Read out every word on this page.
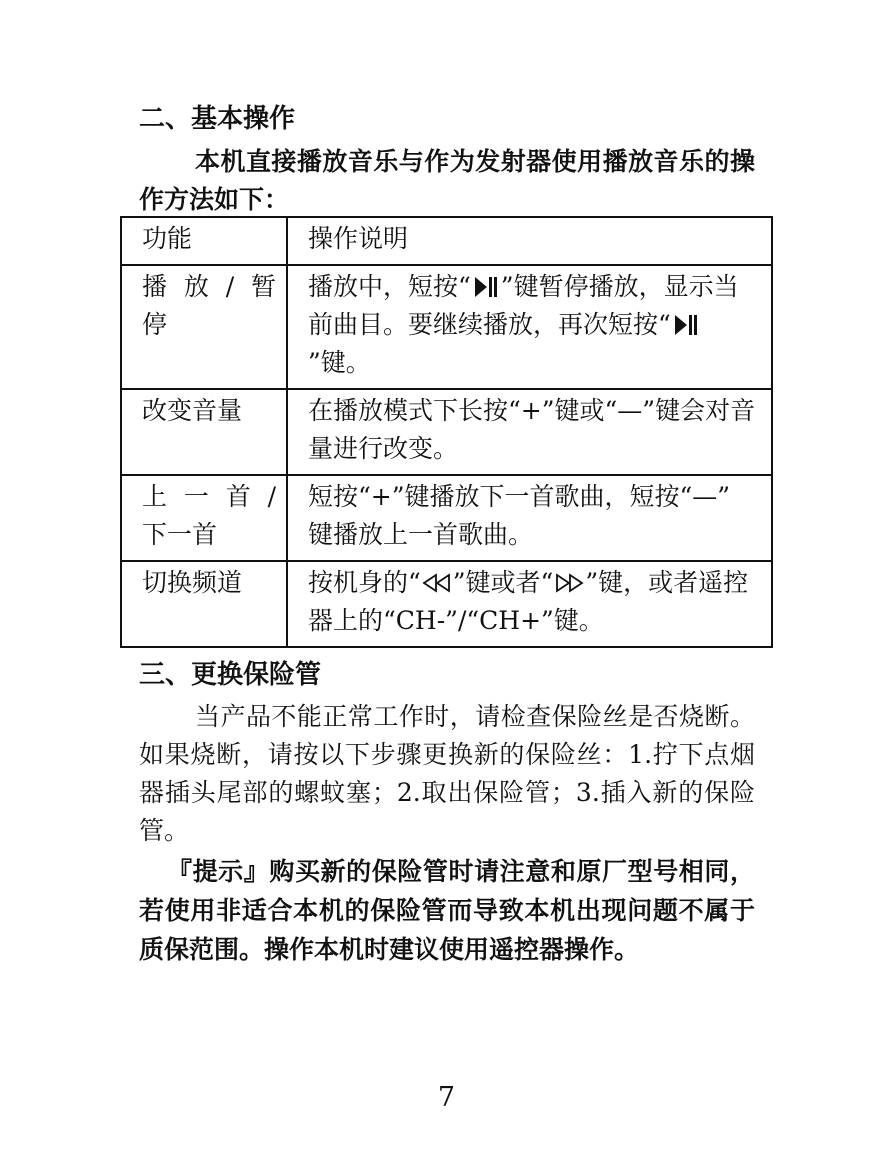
二、基本操作
本机直接播放音乐与作为发射器使用播放音乐的操作方法如下：
功能	操作说明

播放/暂
停	播放中，短按“ ”键暂停播放，显示当前曲目。要继续播放，再次短按“”键。
改变音量	在播放模式下长按“+”键或“—”键会对音量进行改变。

上一首/
下一首	短按“+”键播放下一首歌曲，短按“—” 键播放上一首歌曲。
切换频道	按机身的“ ”键或者“ ”键，或者遥控器上的“CH-”/“CH+”键。
三、更换保险管
当产品不能正常工作时，请检查保险丝是否烧断。如果烧断，请按以下步骤更换新的保险丝：1.拧下点烟器插头尾部的螺蚊塞；2.取出保险管；3.插入新的保险管。
『提示』购买新的保险管时请注意和原厂型号相同，若使用非适合本机的保险管而导致本机出现问题不属于质保范围。操作本机时建议使用遥控器操作。
7
